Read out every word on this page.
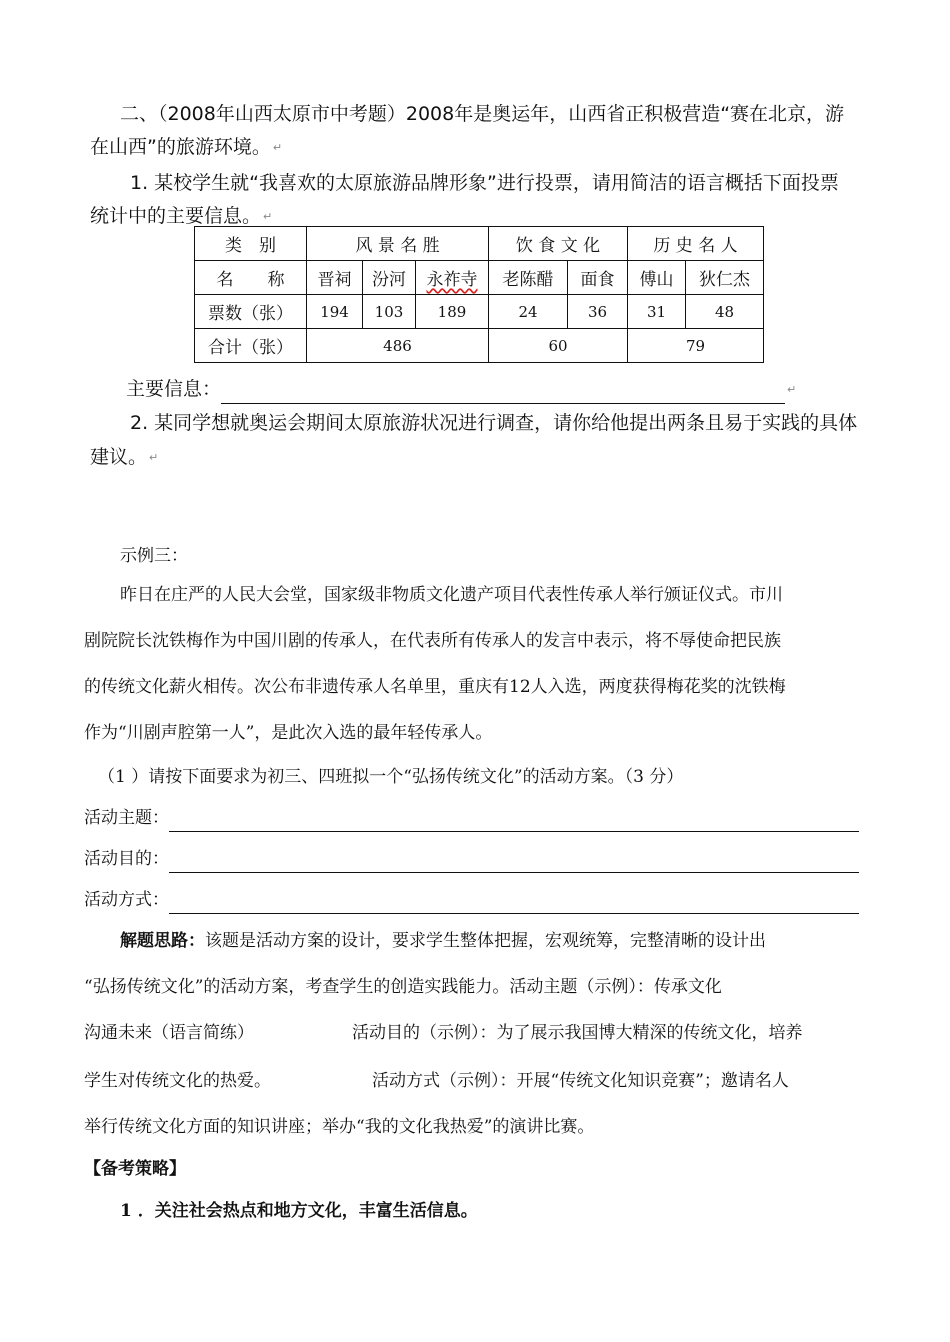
二、（2008年山西太原市中考题）2008年是奥运年，山西省正积极营造“赛在北京，游

在山西”的旅游环境。 ↵

1. 某校学生就“我喜欢的太原旅游品牌形象”进行投票，请用简洁的语言概括下面投票

统计中的主要信息。 ↵

类　别	风 景 名 胜			饮 食 文 化		历 史 名 人	
名　　称	晋祠	汾河	永祚寺	老陈醋	面食	傅山	狄仁杰
票数（张）	194	103	189	24	36	31	48
合计（张）	486			60		79	

主要信息：	↵

2. 某同学想就奥运会期间太原旅游状况进行调查，请你给他提出两条且易于实践的具体

建议。 ↵

示例三：

昨日在庄严的人民大会堂，国家级非物质文化遗产项目代表性传承人举行颁证仪式。市川

剧院院长沈铁梅作为中国川剧的传承人，在代表所有传承人的发言中表示，将不辱使命把民族

的传统文化薪火相传。次公布非遗传承人名单里，重庆有12人入选，两度获得梅花奖的沈铁梅

作为“川剧声腔第一人”，是此次入选的最年轻传承人。

（1 ）请按下面要求为初三、四班拟一个“弘扬传统文化”的活动方案。（3 分）

活动主题：

活动目的：

活动方式：

解题思路：该题是活动方案的设计，要求学生整体把握，宏观统筹，完整清晰的设计出

“弘扬传统文化”的活动方案，考查学生的创造实践能力。活动主题（示例）：传承文化

沟通未来（语言简练）	活动目的（示例）：为了展示我国博大精深的传统文化，培养

学生对传统文化的热爱。	活动方式（示例）：开展“传统文化知识竞赛”；邀请名人

举行传统文化方面的知识讲座；举办“我的文化我热爱”的演讲比赛。

【备考策略】

1 ．关注社会热点和地方文化，丰富生活信息。
